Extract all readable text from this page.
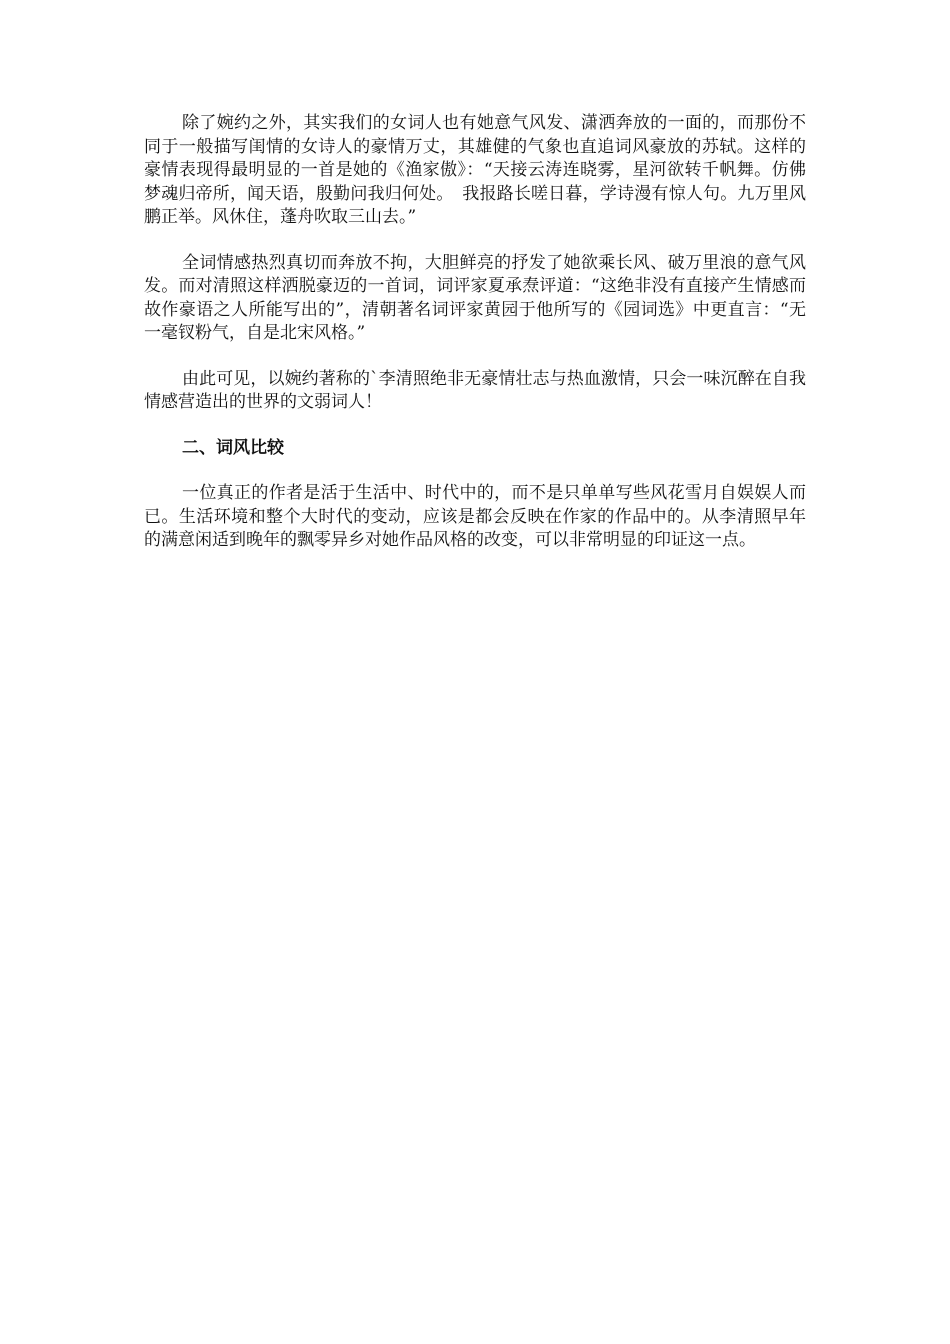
除了婉约之外，其实我们的女词人也有她意气风发、潇洒奔放的一面的，而那份不同于一般描写闺情的女诗人的豪情万丈，其雄健的气象也直追词风豪放的苏轼。这样的豪情表现得最明显的一首是她的《渔家傲》：“天接云涛连晓雾，星河欲转千帆舞。仿佛梦魂归帝所，闻天语，殷勤问我归何处。　我报路长嗟日暮，学诗漫有惊人句。九万里风鹏正举。风休住，蓬舟吹取三山去。”

全词情感热烈真切而奔放不拘，大胆鲜亮的抒发了她欲乘长风、破万里浪的意气风发。而对清照这样洒脱豪迈的一首词，词评家夏承焘评道：“这绝非没有直接产生情感而故作豪语之人所能写出的”，清朝著名词评家黄园于他所写的《园词选》中更直言：“无一毫钗粉气，自是北宋风格。”

由此可见，以婉约著称的`李清照绝非无豪情壮志与热血激情，只会一味沉醉在自我情感营造出的世界的文弱词人！

二、词风比较

一位真正的作者是活于生活中、时代中的，而不是只单单写些风花雪月自娱娱人而已。生活环境和整个大时代的变动，应该是都会反映在作家的作品中的。从李清照早年的满意闲适到晚年的飘零异乡对她作品风格的改变，可以非常明显的印证这一点。
